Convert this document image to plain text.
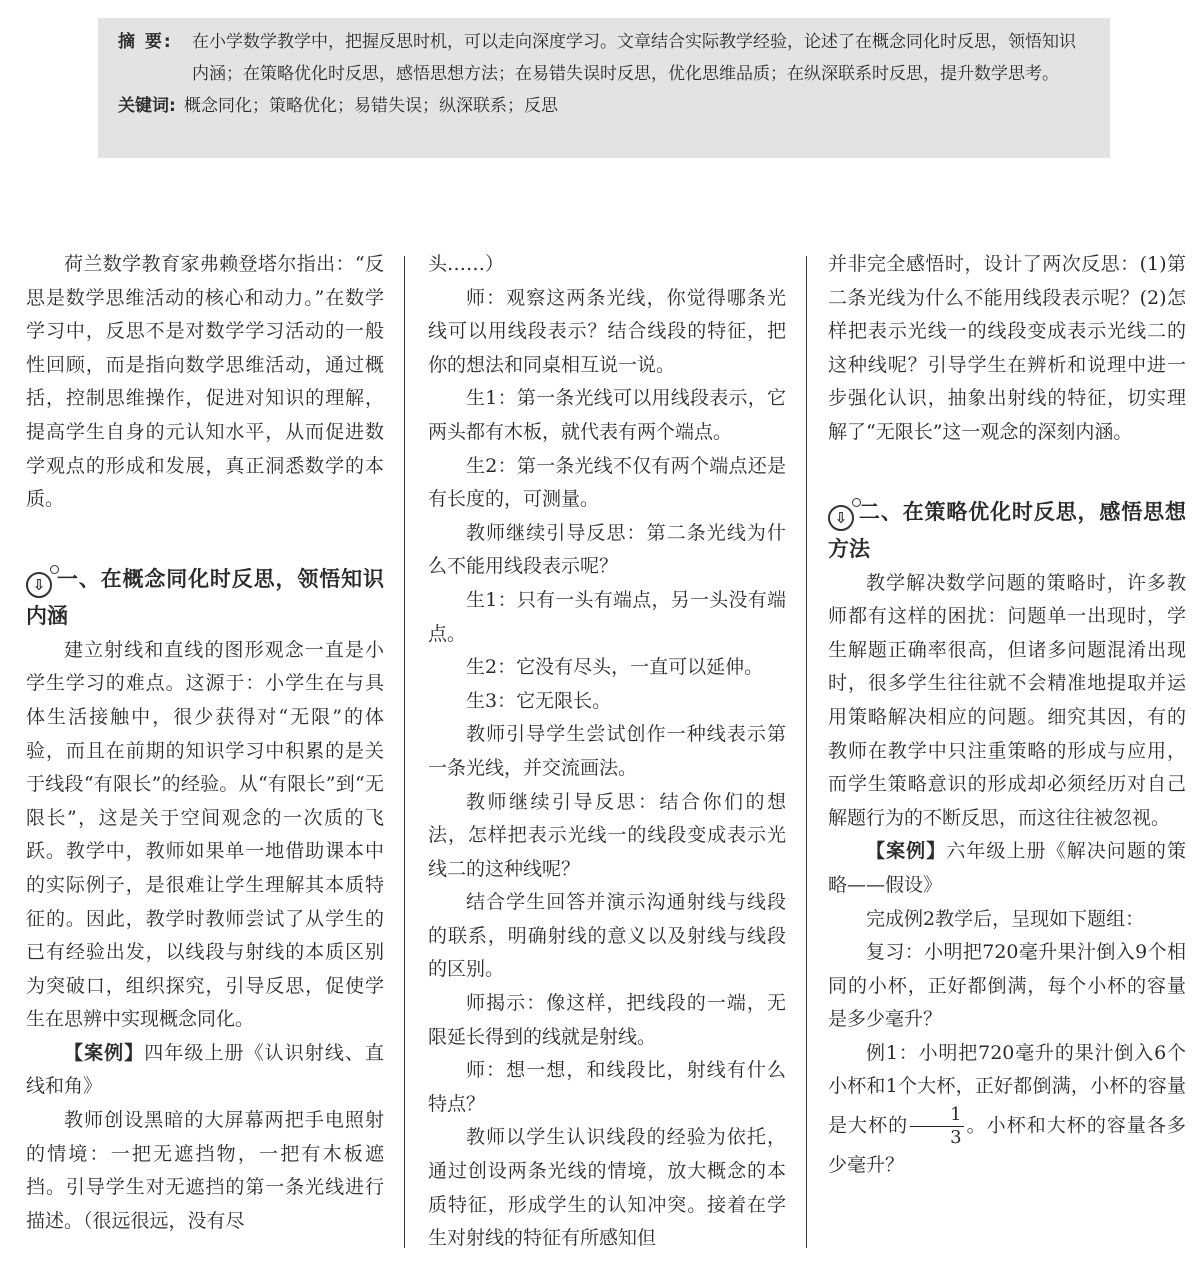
摘 要: 在小学数学教学中，把握反思时机，可以走向深度学习。文章结合实际教学经验，论述了在概念同化时反思，领悟知识内涵；在策略优化时反思，感悟思想方法；在易错失误时反思，优化思维品质；在纵深联系时反思，提升数学思考。
关键词: 概念同化；策略优化；易错失误；纵深联系；反思

荷兰数学教育家弗赖登塔尔指出：“反思是数学思维活动的核心和动力。”在数学学习中，反思不是对数学学习活动的一般性回顾，而是指向数学思维活动，通过概括，控制思维操作，促进对知识的理解，提高学生自身的元认知水平，从而促进数学观点的形成和发展，真正洞悉数学的本质。

⇩ 一、在概念同化时反思，领悟知识内涵

建立射线和直线的图形观念一直是小学生学习的难点。这源于：小学生在与具体生活接触中，很少获得对“无限”的体验，而且在前期的知识学习中积累的是关于线段“有限长”的经验。从“有限长”到“无限长”，这是关于空间观念的一次质的飞跃。教学中，教师如果单一地借助课本中的实际例子，是很难让学生理解其本质特征的。因此，教学时教师尝试了从学生的已有经验出发，以线段与射线的本质区别为突破口，组织探究，引导反思，促使学生在思辨中实现概念同化。

【案例】四年级上册《认识射线、直线和角》

教师创设黑暗的大屏幕两把手电照射的情境：一把无遮挡物，一把有木板遮挡。引导学生对无遮挡的第一条光线进行描述。（很远很远，没有尽

头……）

师：观察这两条光线，你觉得哪条光线可以用线段表示？结合线段的特征，把你的想法和同桌相互说一说。

生1：第一条光线可以用线段表示，它两头都有木板，就代表有两个端点。

生2：第一条光线不仅有两个端点还是有长度的，可测量。

教师继续引导反思：第二条光线为什么不能用线段表示呢？

生1：只有一头有端点，另一头没有端点。

生2：它没有尽头，一直可以延伸。

生3：它无限长。

教师引导学生尝试创作一种线表示第一条光线，并交流画法。

教师继续引导反思：结合你们的想法，怎样把表示光线一的线段变成表示光线二的这种线呢？

结合学生回答并演示沟通射线与线段的联系，明确射线的意义以及射线与线段的区别。

师揭示：像这样，把线段的一端，无限延长得到的线就是射线。

师：想一想，和线段比，射线有什么特点？

教师以学生认识线段的经验为依托，通过创设两条光线的情境，放大概念的本质特征，形成学生的认知冲突。接着在学生对射线的特征有所感知但

并非完全感悟时，设计了两次反思：(1)第二条光线为什么不能用线段表示呢？(2)怎样把表示光线一的线段变成表示光线二的这种线呢？引导学生在辨析和说理中进一步强化认识，抽象出射线的特征，切实理解了“无限长”这一观念的深刻内涵。

⇩ 二、在策略优化时反思，感悟思想方法

教学解决数学问题的策略时，许多教师都有这样的困扰：问题单一出现时，学生解题正确率很高，但诸多问题混淆出现时，很多学生往往就不会精准地提取并运用策略解决相应的问题。细究其因，有的教师在教学中只注重策略的形成与应用，而学生策略意识的形成却必须经历对自己解题行为的不断反思，而这往往被忽视。

【案例】六年级上册《解决问题的策略——假设》

完成例2教学后，呈现如下题组：

复习：小明把720毫升果汁倒入9个相同的小杯，正好都倒满，每个小杯的容量是多少毫升？

例1：小明把720毫升的果汁倒入6个小杯和1个大杯，正好都倒满，小杯的容量是大杯的 $\frac{1}{3}$ 。小杯和大杯的容量各多少毫升？
